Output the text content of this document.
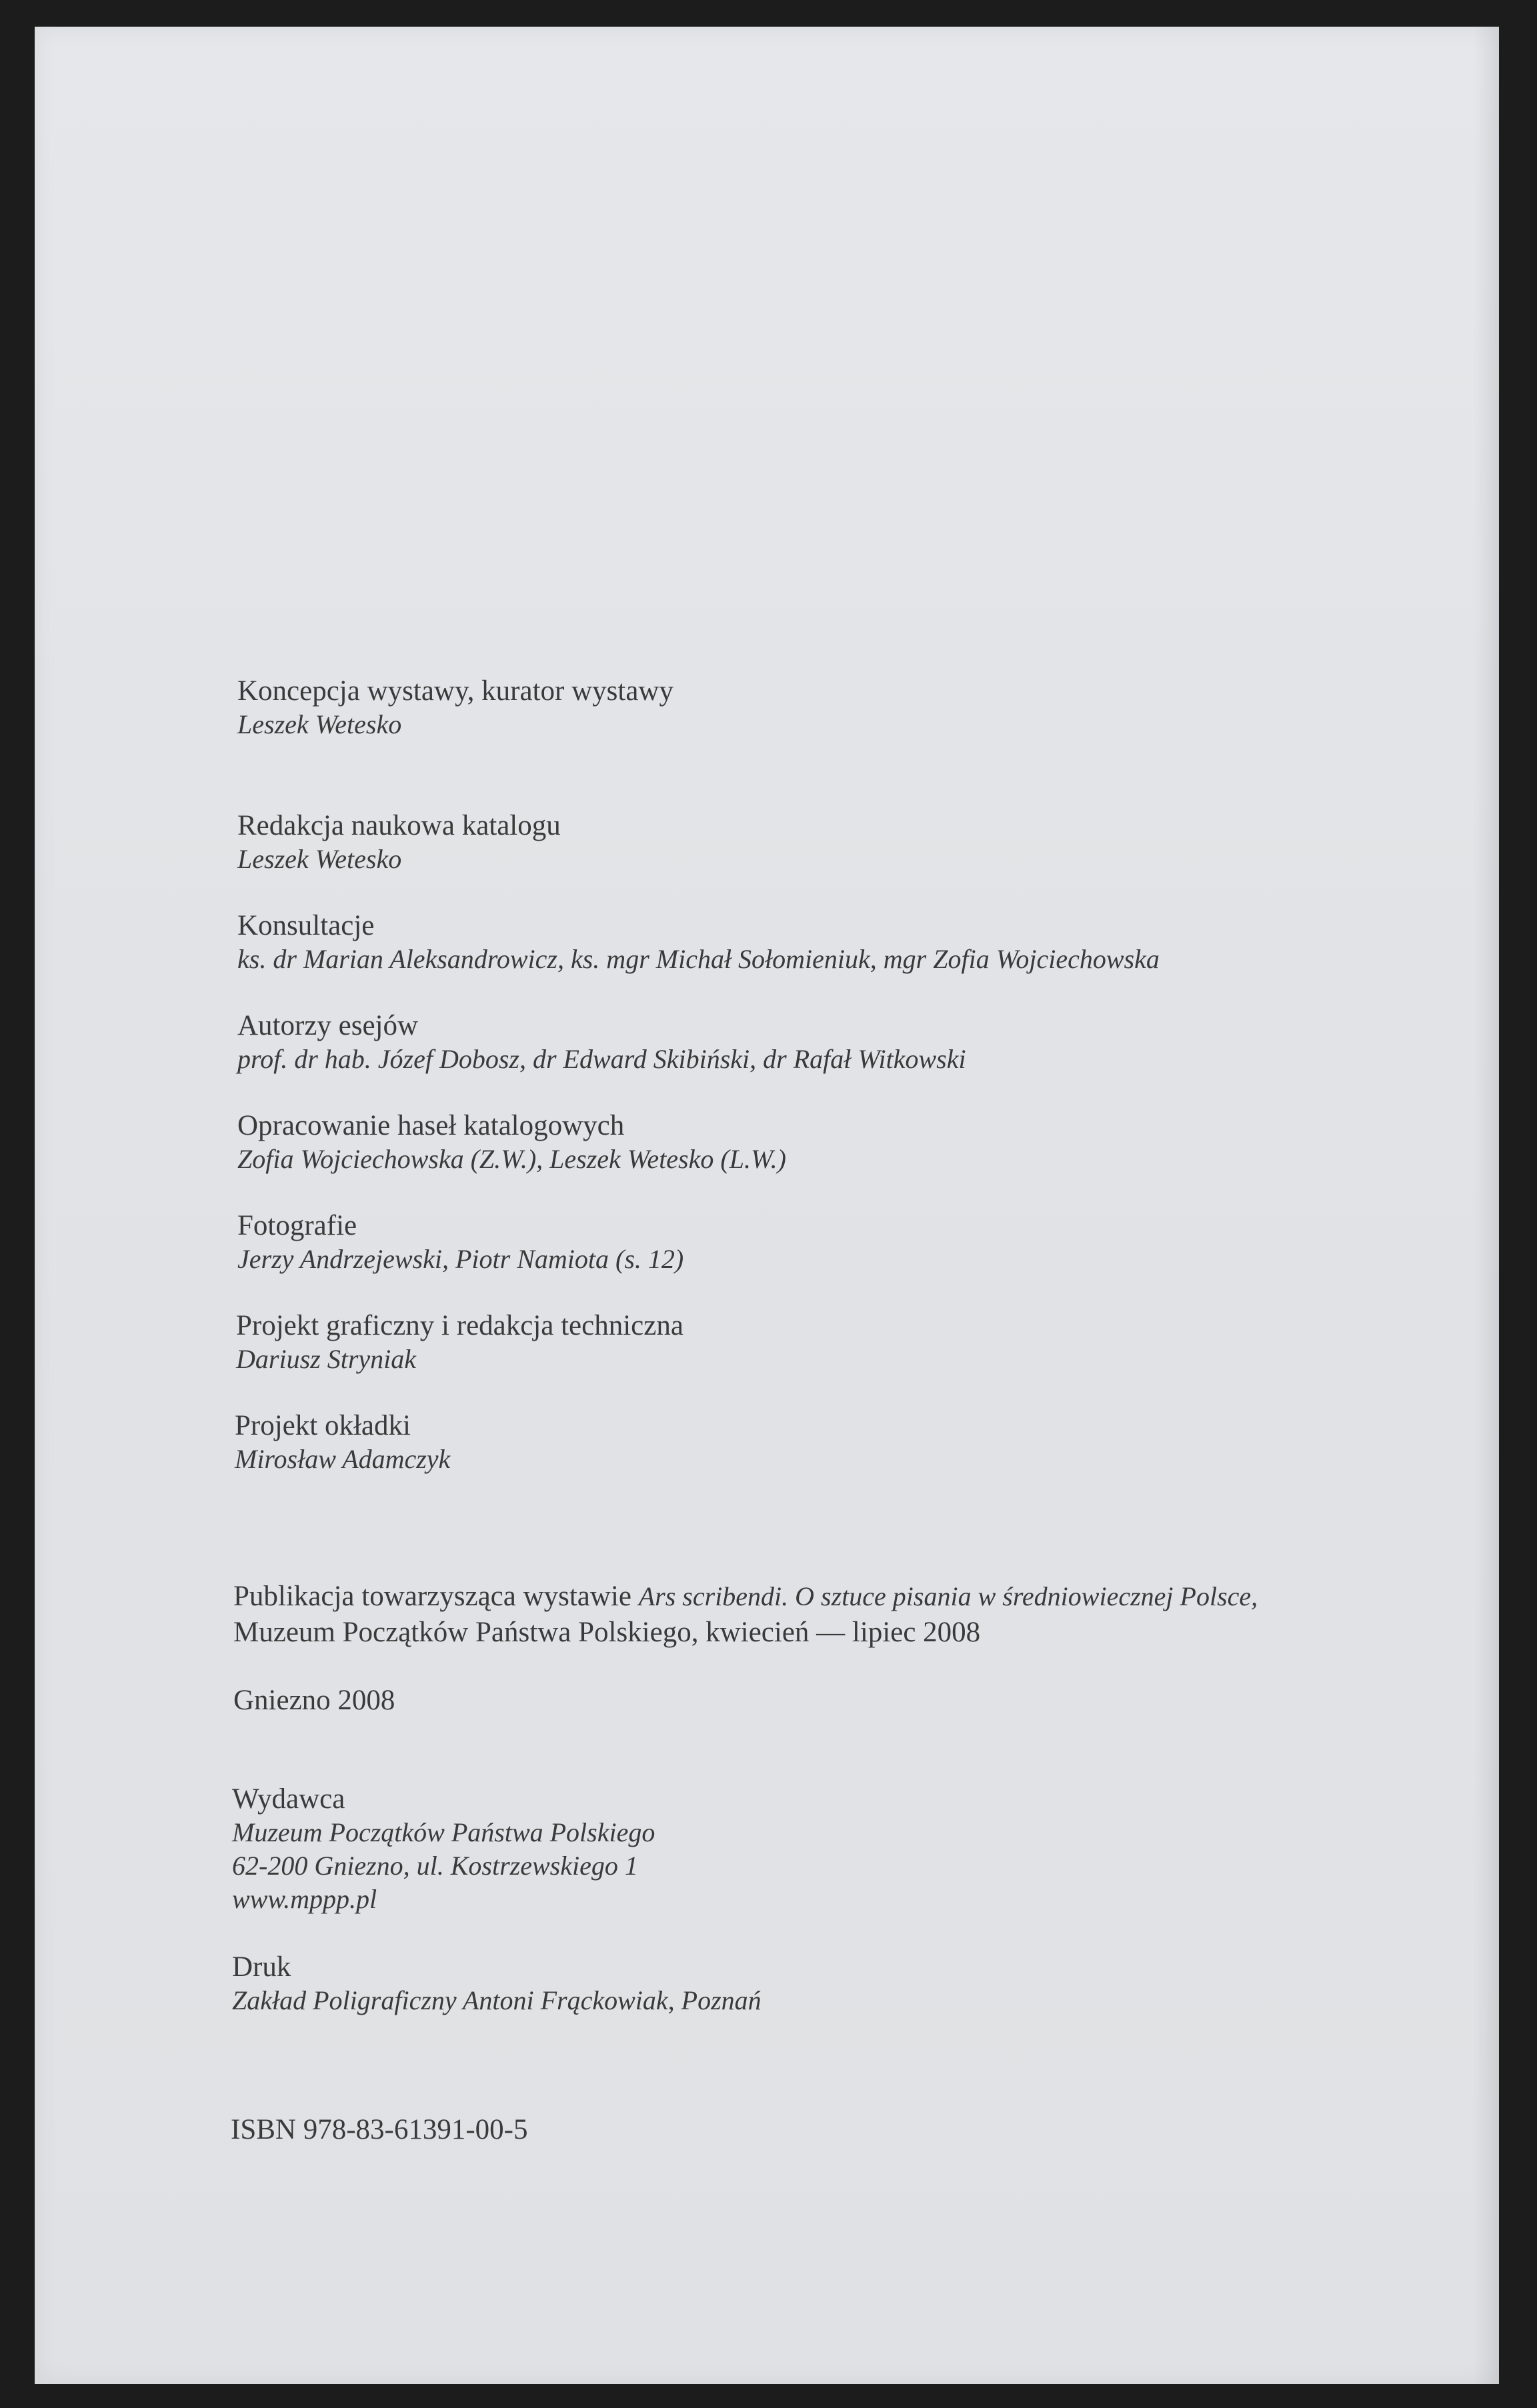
Koncepcja wystawy, kurator wystawy
Leszek Wetesko
Redakcja naukowa katalogu
Leszek Wetesko
Konsultacje
ks. dr Marian Aleksandrowicz, ks. mgr Michał Sołomieniuk, mgr Zofia Wojciechowska
Autorzy esejów
prof. dr hab. Józef Dobosz, dr Edward Skibiński, dr Rafał Witkowski
Opracowanie haseł katalogowych
Zofia Wojciechowska (Z.W.), Leszek Wetesko (L.W.)
Fotografie
Jerzy Andrzejewski, Piotr Namiota (s. 12)
Projekt graficzny i redakcja techniczna
Dariusz Stryniak
Projekt okładki
Mirosław Adamczyk
Publikacja towarzysząca wystawie Ars scribendi. O sztuce pisania w średniowiecznej Polsce,
Muzeum Początków Państwa Polskiego, kwiecień — lipiec 2008
Gniezno 2008
Wydawca
Muzeum Początków Państwa Polskiego
62-200 Gniezno, ul. Kostrzewskiego 1
www.mppp.pl
Druk
Zakład Poligraficzny Antoni Frąckowiak, Poznań
ISBN 978-83-61391-00-5
